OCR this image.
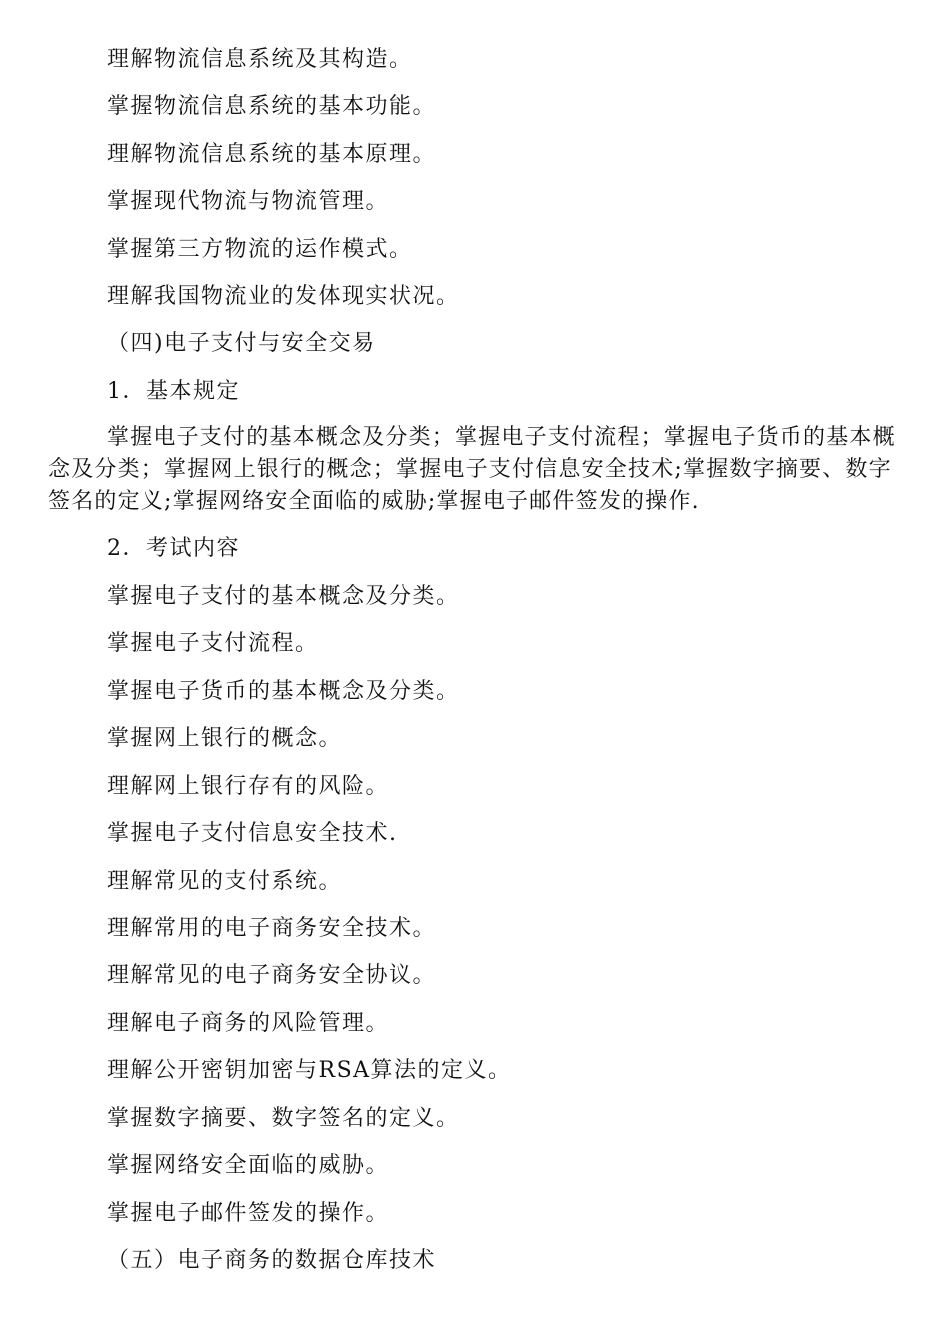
理解物流信息系统及其构造。
掌握物流信息系统的基本功能。
理解物流信息系统的基本原理。
掌握现代物流与物流管理。
掌握第三方物流的运作模式。
理解我国物流业的发体现实状况。
（四)电子支付与安全交易
1．基本规定
掌握电子支付的基本概念及分类；掌握电子支付流程；掌握电子货币的基本概念及分类；掌握网上银行的概念；掌握电子支付信息安全技术;掌握数字摘要、数字签名的定义;掌握网络安全面临的威胁;掌握电子邮件签发的操作.
2．考试内容
掌握电子支付的基本概念及分类。
掌握电子支付流程。
掌握电子货币的基本概念及分类。
掌握网上银行的概念。
理解网上银行存有的风险。
掌握电子支付信息安全技术.
理解常见的支付系统。
理解常用的电子商务安全技术。
理解常见的电子商务安全协议。
理解电子商务的风险管理。
理解公开密钥加密与RSA算法的定义。
掌握数字摘要、数字签名的定义。
掌握网络安全面临的威胁。
掌握电子邮件签发的操作。
（五）电子商务的数据仓库技术
